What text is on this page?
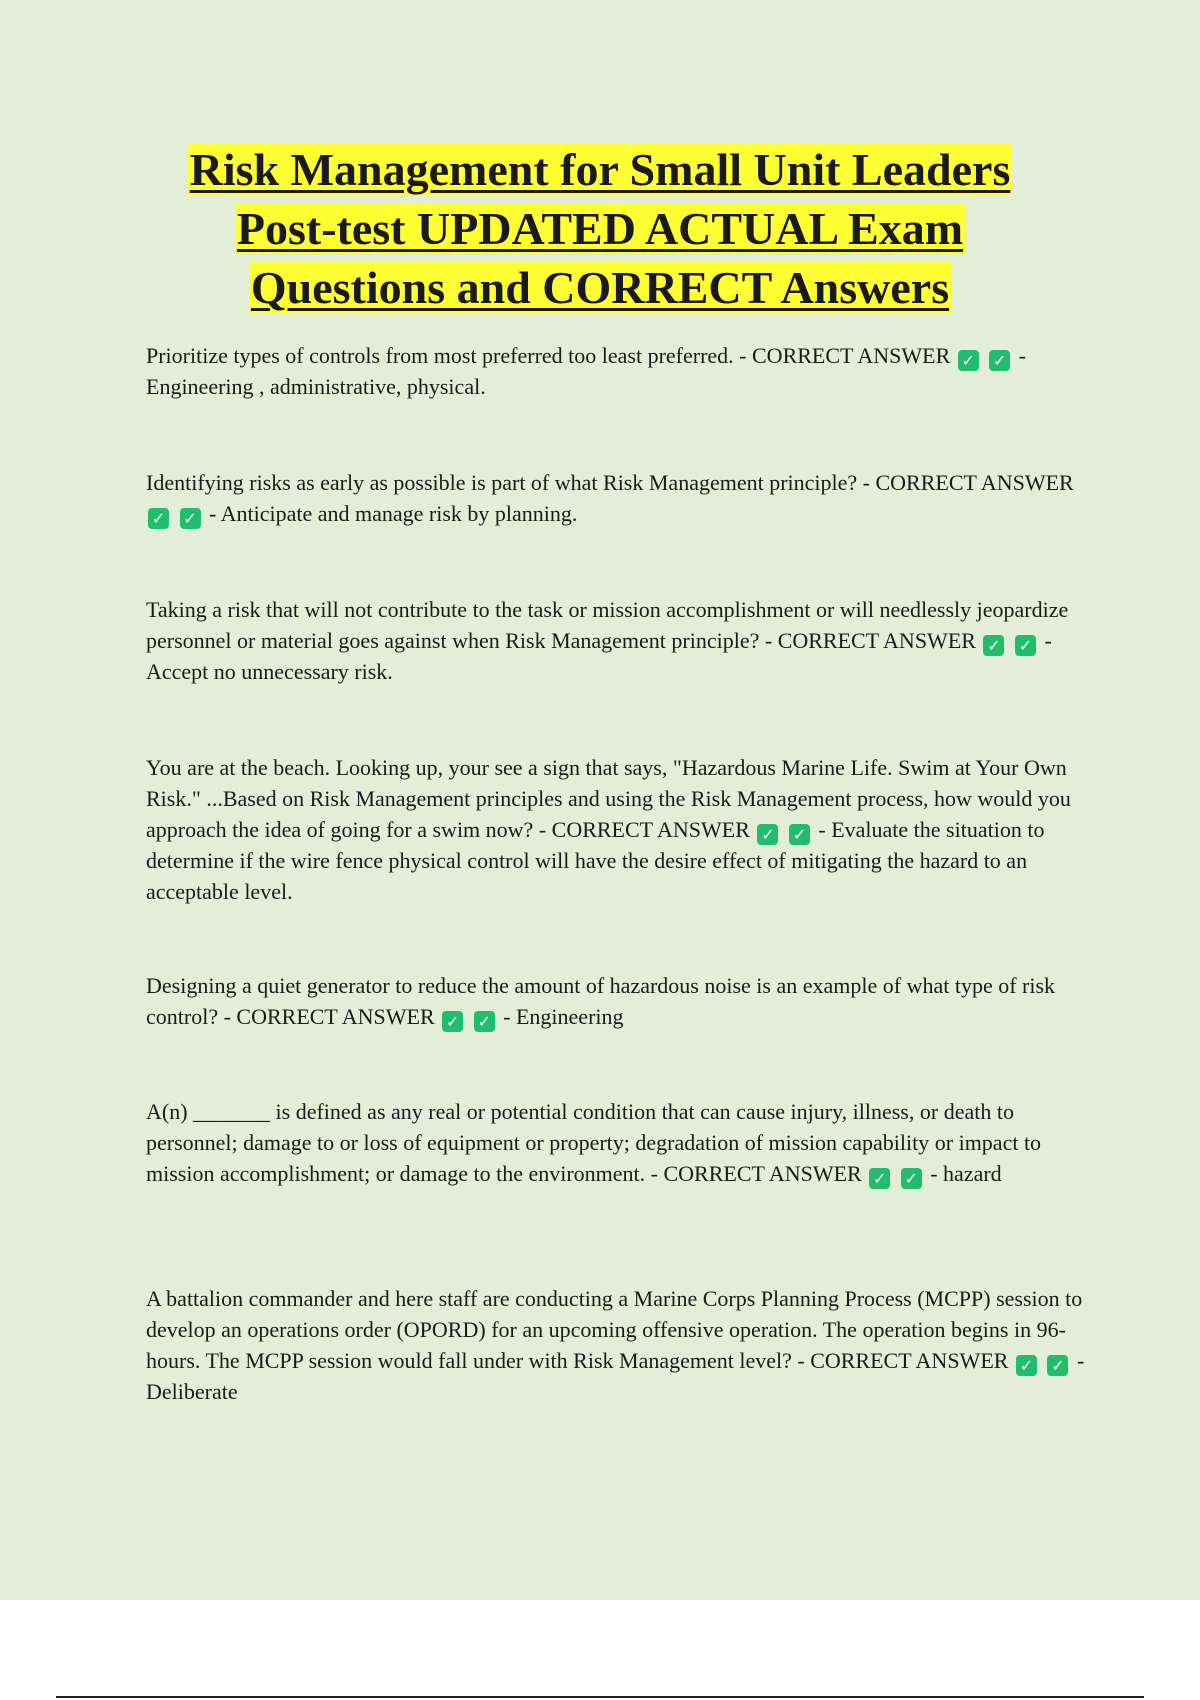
Risk Management for Small Unit Leaders
Post-test UPDATED ACTUAL Exam
Questions and CORRECT Answers

Prioritize types of controls from most preferred too least preferred. - CORRECT ANSWER ✓ ✓ - Engineering , administrative, physical.

Identifying risks as early as possible is part of what Risk Management principle? - CORRECT ANSWER ✓ ✓ - Anticipate and manage risk by planning.

Taking a risk that will not contribute to the task or mission accomplishment or will needlessly jeopardize personnel or material goes against when Risk Management principle? - CORRECT ANSWER ✓ ✓ - Accept no unnecessary risk.

You are at the beach. Looking up, your see a sign that says, "Hazardous Marine Life. Swim at Your Own Risk." ...Based on Risk Management principles and using the Risk Management process, how would you approach the idea of going for a swim now? - CORRECT ANSWER ✓ ✓ - Evaluate the situation to determine if the wire fence physical control will have the desire effect of mitigating the hazard to an acceptable level.

Designing a quiet generator to reduce the amount of hazardous noise is an example of what type of risk control? - CORRECT ANSWER ✓ ✓ - Engineering

A(n) _______ is defined as any real or potential condition that can cause injury, illness, or death to personnel; damage to or loss of equipment or property; degradation of mission capability or impact to mission accomplishment; or damage to the environment. - CORRECT ANSWER ✓ ✓ - hazard

A battalion commander and here staff are conducting a Marine Corps Planning Process (MCPP) session to develop an operations order (OPORD) for an upcoming offensive operation. The operation begins in 96-hours. The MCPP session would fall under with Risk Management level? - CORRECT ANSWER ✓ ✓ - Deliberate
